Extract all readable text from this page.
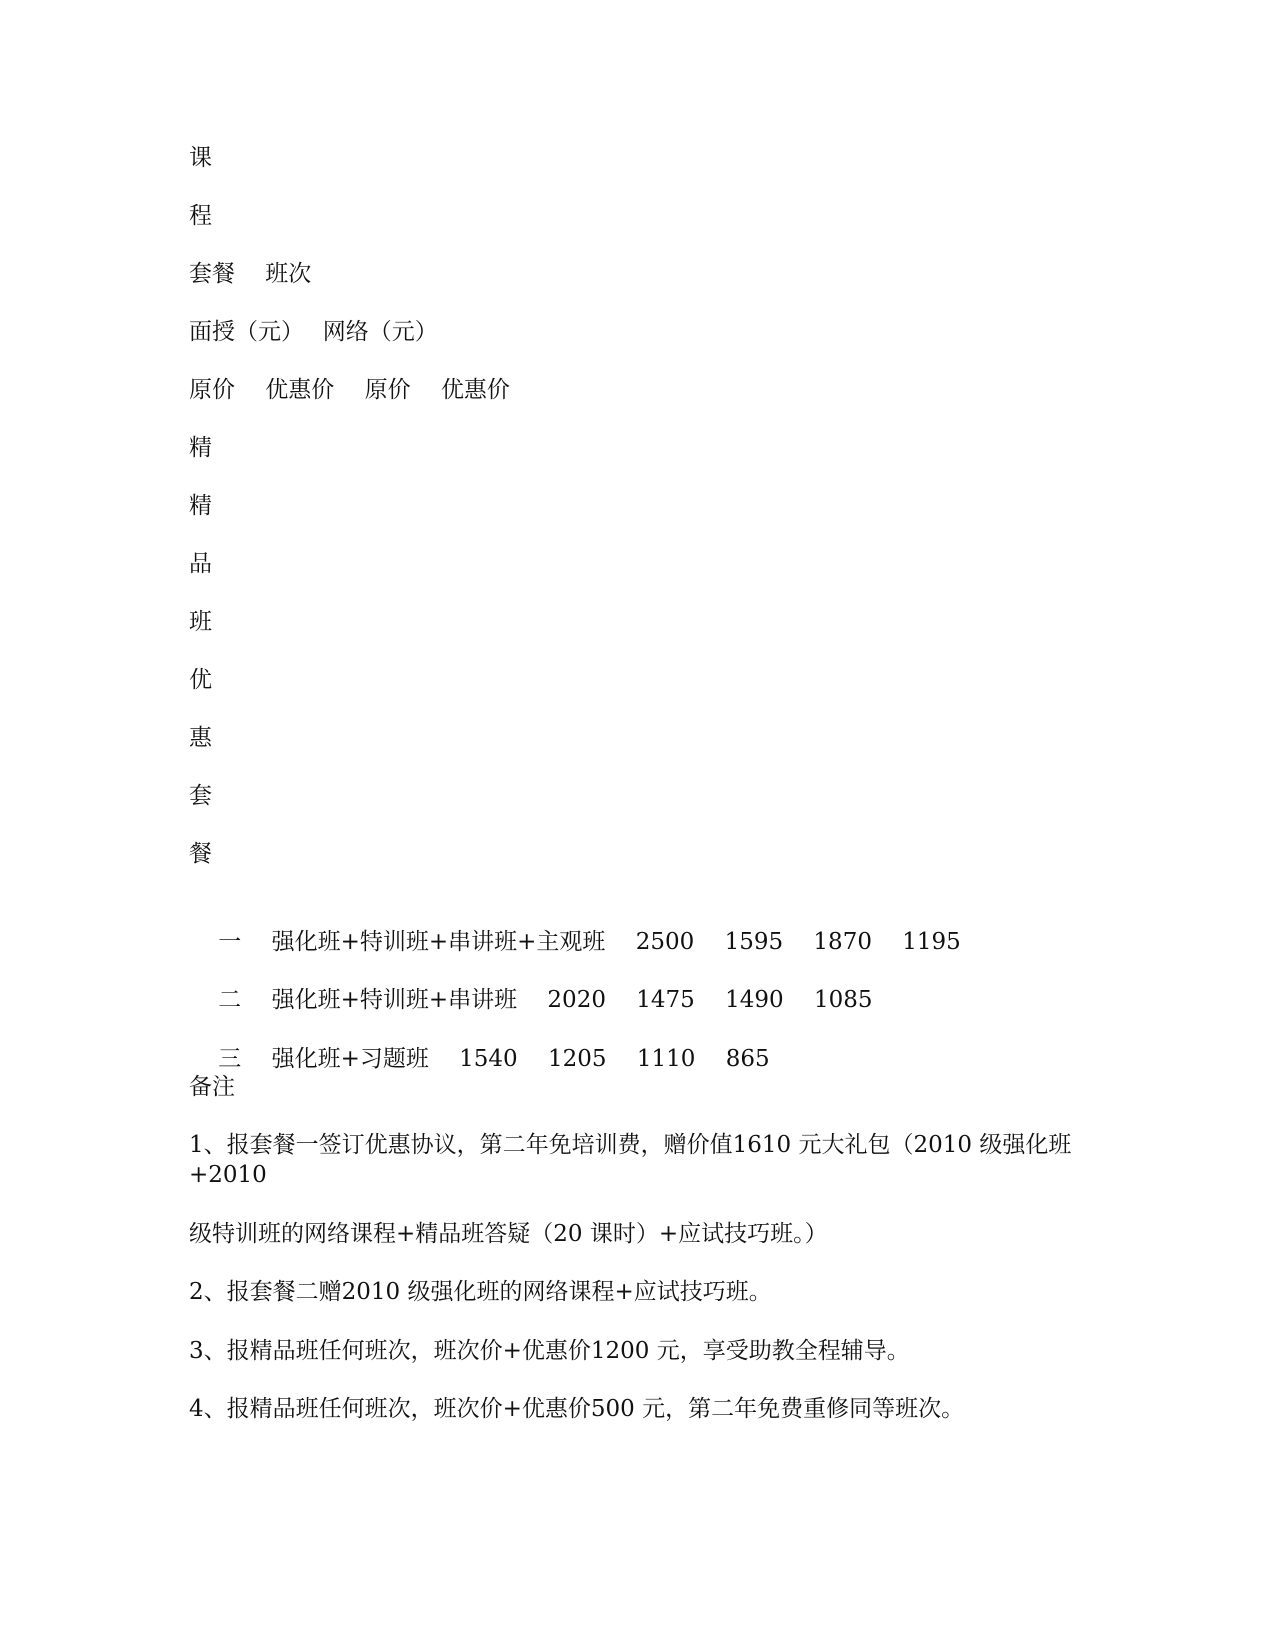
课
程
套餐　 班次
面授（元）　 网络（元）
原价　 优惠价　 原价　 优惠价
精
精
品
班
优
惠
套
餐

一　 强化班+特训班+串讲班+主观班　 2500　 1595　 1870　 1195

二　 强化班+特训班+串讲班　 2020　 1475　 1490　 1085

三　 强化班+习题班　 1540　 1205　 1110　 865

备注
1、报套餐一签订优惠协议，第二年免培训费，赠价值1610 元大礼包（2010 级强化班+2010
级特训班的网络课程+精品班答疑（20 课时）+应试技巧班。）
2、报套餐二赠2010 级强化班的网络课程+应试技巧班。
3、报精品班任何班次，班次价+优惠价1200 元，享受助教全程辅导。
4、报精品班任何班次，班次价+优惠价500 元，第二年免费重修同等班次。
